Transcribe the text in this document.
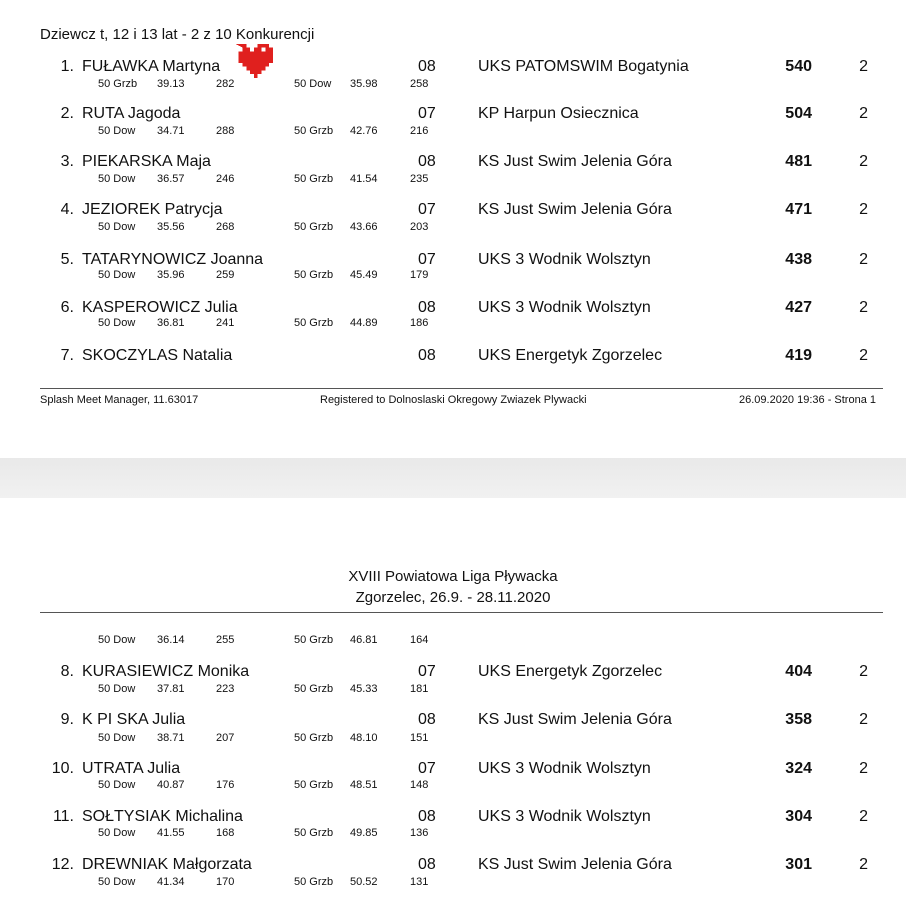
Dziewcz t, 12 i 13 lat - 2 z 10 Konkurencji
1. FUŁAWKA Martyna	08	UKS PATOMSWIM Bogatynia	540	2
50 Grzb 39.13	282	50 Dow 35.98	258
2. RUTA Jagoda	07	KP Harpun Osiecznica	504	2
50 Dow 34.71	288	50 Grzb 42.76	216
3. PIEKARSKA Maja	08	KS Just Swim Jelenia Góra	481	2
50 Dow 36.57	246	50 Grzb 41.54	235
4. JEZIOREK Patrycja	07	KS Just Swim Jelenia Góra	471	2
50 Dow 35.56	268	50 Grzb 43.66	203
5. TATARYNOWICZ Joanna	07	UKS 3 Wodnik Wolsztyn	438	2
50 Dow 35.96	259	50 Grzb 45.49	179
6. KASPEROWICZ Julia	08	UKS 3 Wodnik Wolsztyn	427	2
50 Dow 36.81	241	50 Grzb 44.89	186
7. SKOCZYLAS Natalia	08	UKS Energetyk Zgorzelec	419	2
Splash Meet Manager, 11.63017	Registered to Dolnoslaski Okregowy Zwiazek Plywacki	26.09.2020 19:36 - Strona 1
XVIII Powiatowa Liga Pływacka
Zgorzelec, 26.9. - 28.11.2020
50 Dow 36.14	255	50 Grzb 46.81	164
8. KURASIEWICZ Monika	07	UKS Energetyk Zgorzelec	404	2
50 Dow 37.81	223	50 Grzb 45.33	181
9. K PI SKA Julia	08	KS Just Swim Jelenia Góra	358	2
50 Dow 38.71	207	50 Grzb 48.10	151
10. UTRATA Julia	07	UKS 3 Wodnik Wolsztyn	324	2
50 Dow 40.87	176	50 Grzb 48.51	148
11. SOŁTYSIAK Michalina	08	UKS 3 Wodnik Wolsztyn	304	2
50 Dow 41.55	168	50 Grzb 49.85	136
12. DREWNIAK Małgorzata	08	KS Just Swim Jelenia Góra	301	2
50 Dow 41.34	170	50 Grzb 50.52	131
